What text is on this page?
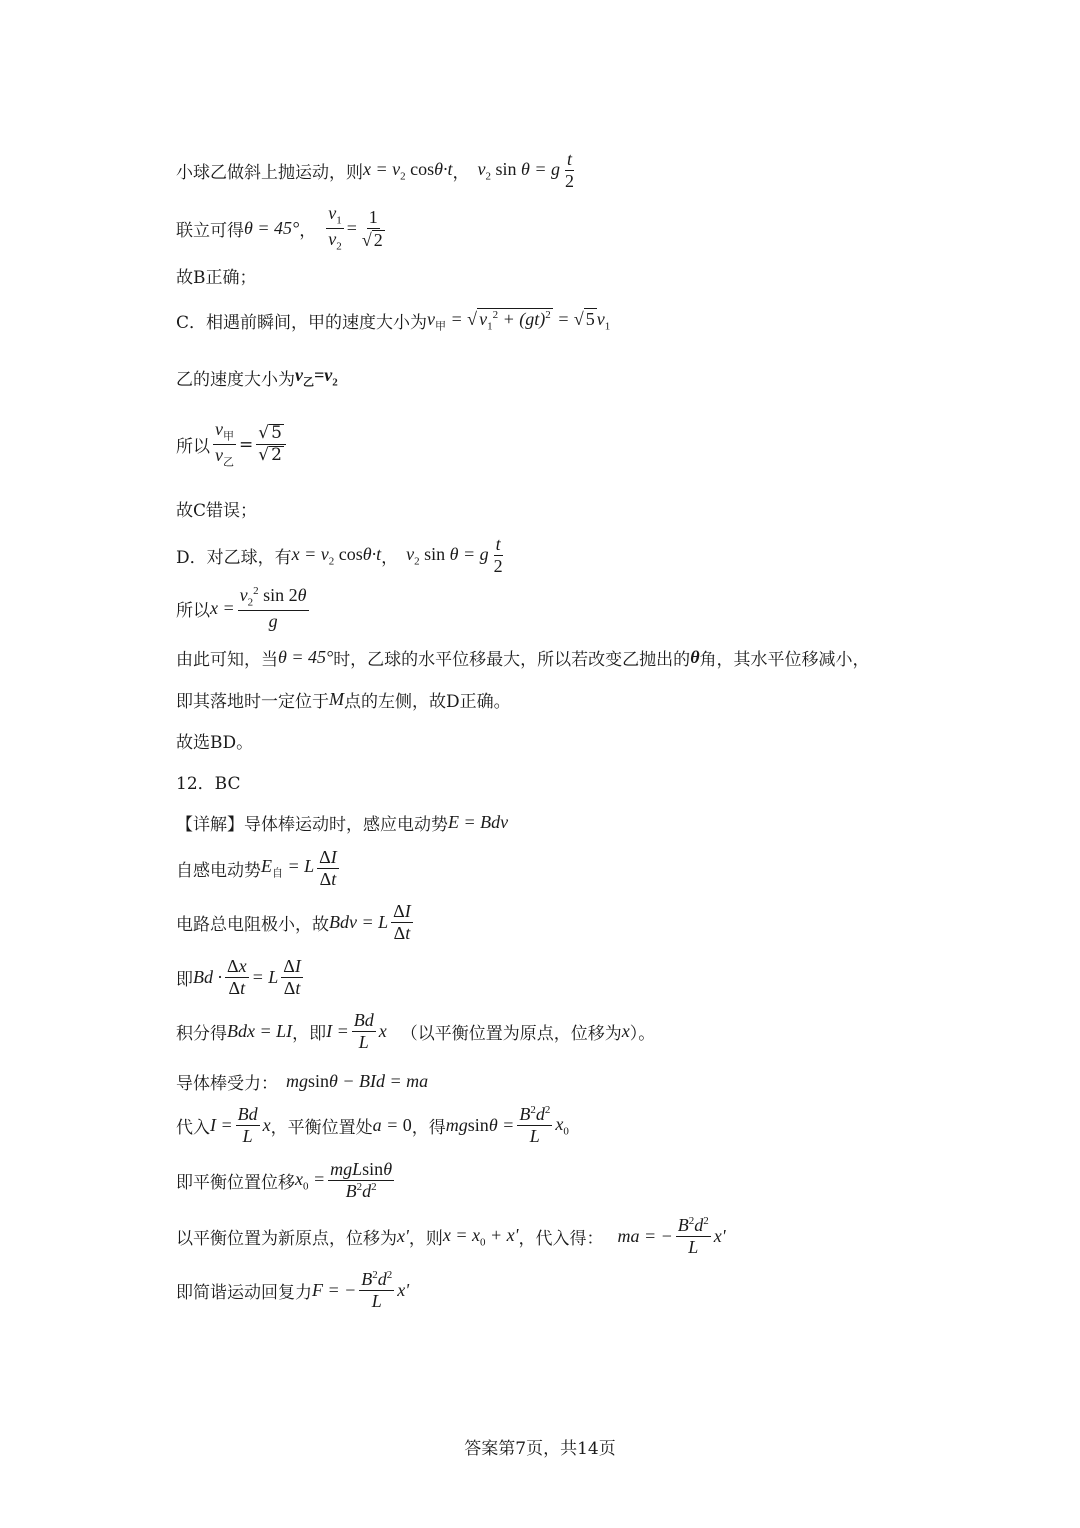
小球乙做斜上抛运动，则 $x = v_2$ cosθ·t ， $v_2$ sin θ = g $\frac{t}{2}$
联立可得 θ = 45° ， $\frac{v_1}{v_2} = \frac{1}{√ 2}$
故B正确；
C．相遇前瞬间，甲的速度大小为 $v_甲$ = √ $v_1^2 + (gt)^2$ = √ 5 $v_1$
乙的速度大小为 $v_乙=v_2$
所以 $\frac{v_甲}{v_乙} = \frac{√ 5}{√ 2}$
故C错误；
D．对乙球，有 $x = v_2$ cosθ·t ， $v_2$ sin θ = g $\frac{t}{2}$
所以 $x = \frac{v_2^2 \sin 2\theta}{g}$
由此可知，当 θ = 45° 时，乙球的水平位移最大，所以若改变乙抛出的 θ 角，其水平位移减小，
即其落地时一定位于 M 点的左侧，故D正确。
故选BD。
12．BC
【详解】导体棒运动时，感应电动势 E = Bdv
自感电动势 $E_自 = L \frac{\Delta I}{\Delta t}$
电路总电阻极小，故 Bdv = L $\frac{\Delta I}{\Delta t}$
即 $Bd \cdot \frac{\Delta x}{\Delta t} = L \frac{\Delta I}{\Delta t}$
积分得 Bdx = LI ，即 $I = \frac{Bd}{L}$ x （以平衡位置为原点，位移为 x ）。
导体棒受力： mgsinθ − BId = ma
代入 $I = \frac{Bd}{L}$ x ，平衡位置处 a = 0 ，得 $mgsin\theta = \frac{B^2d^2}{L} x_0$
即平衡位置位移 $x_0 = \frac{\text{mgLsinθ}}{B^2d^2}$
以平衡位置为新原点，位移为 x' ，则 $x = x_0 + x'$ ，代入得： ma = − $\frac{B^2d^2}{L} x'$
即简谐运动回复力 F = − $\frac{B^2d^2}{L} x'$
答案第7页，共14页
